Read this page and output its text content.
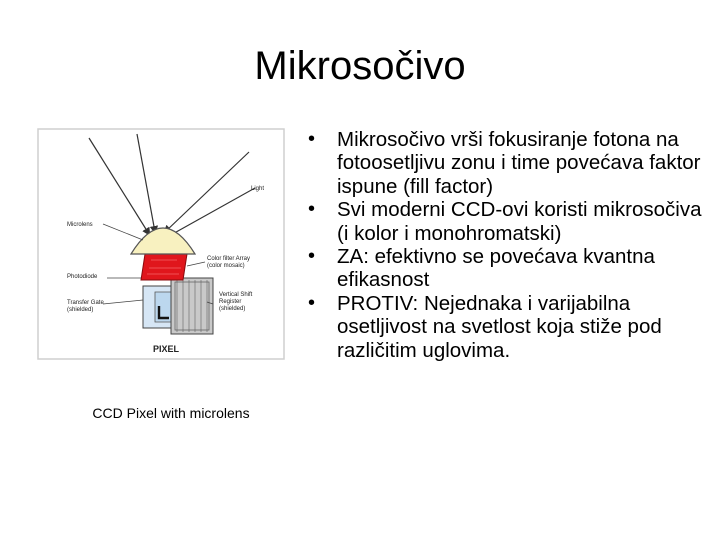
Mikrosočivo
Light
Microlens
Photodiode
Transfer Gate
(shielded)
Color filter Array
(color mosaic)
Vertical Shift
Register
(shielded)
PIXEL
CCD Pixel with microlens
• Mikrosočivo vrši fokusiranje fotona na fotoosetljivu zonu i time povećava faktor ispune (fill factor)
• Svi moderni CCD-ovi koristi mikrosočiva (i kolor i monohromatski)
• ZA: efektivno se povećava kvantna efikasnost
• PROTIV: Nejednaka i varijabilna osetljivost na svetlost koja stiže pod različitim uglovima.
